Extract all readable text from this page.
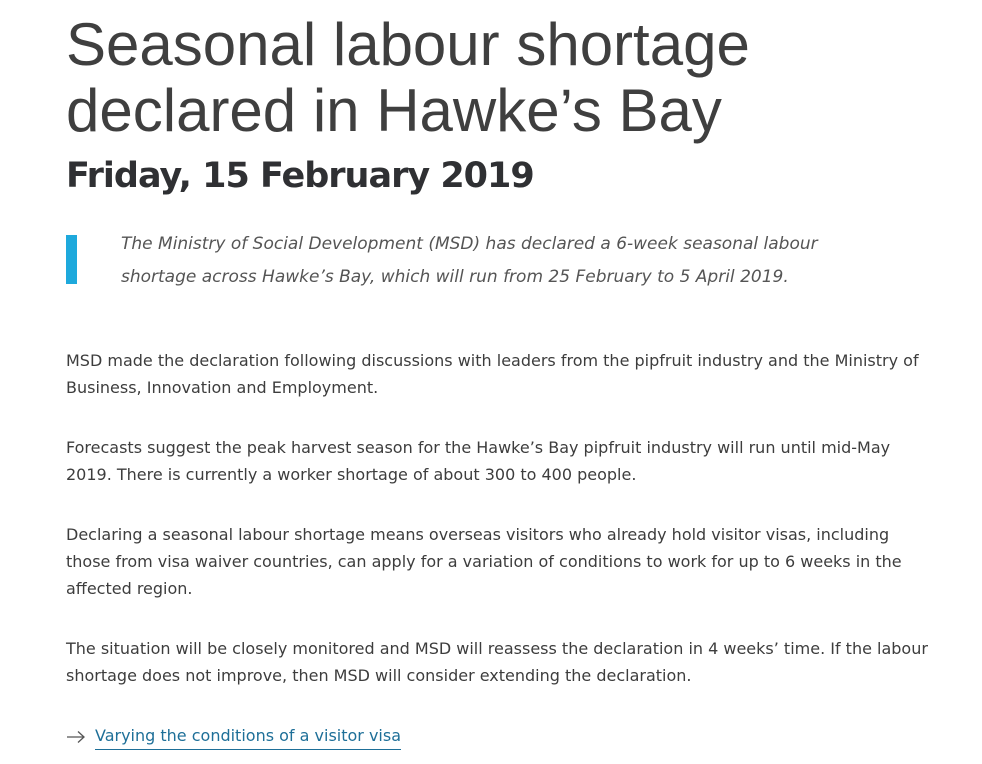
Seasonal labour shortage declared in Hawke’s Bay
Friday, 15 February 2019

The Ministry of Social Development (MSD) has declared a 6-week seasonal labour shortage across Hawke’s Bay, which will run from 25 February to 5 April 2019.

MSD made the declaration following discussions with leaders from the pipfruit industry and the Ministry of Business, Innovation and Employment.

Forecasts suggest the peak harvest season for the Hawke’s Bay pipfruit industry will run until mid-May 2019. There is currently a worker shortage of about 300 to 400 people.

Declaring a seasonal labour shortage means overseas visitors who already hold visitor visas, including those from visa waiver countries, can apply for a variation of conditions to work for up to 6 weeks in the affected region.

The situation will be closely monitored and MSD will reassess the declaration in 4 weeks’ time. If the labour shortage does not improve, then MSD will consider extending the declaration.

Varying the conditions of a visitor visa
